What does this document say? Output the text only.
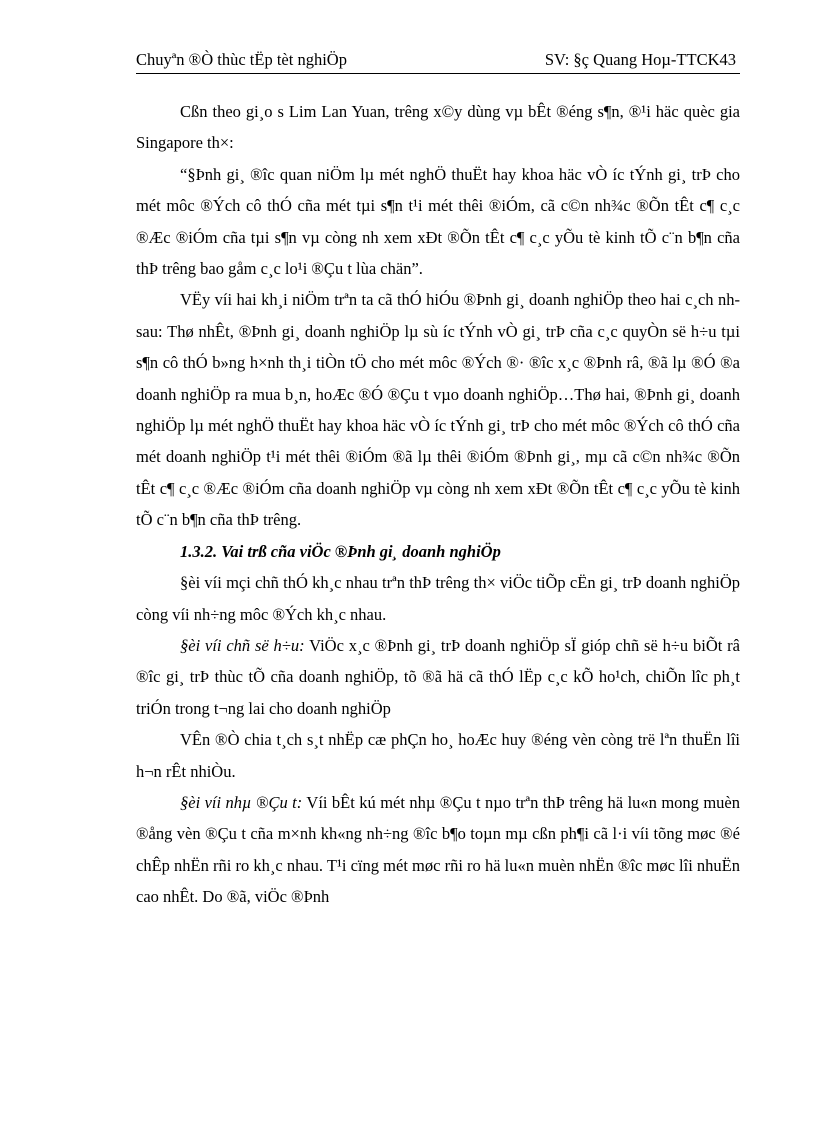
Chuyªn ®Ò thùc tËp tèt nghiÖp	SV: §ç Quang Hoµ-TTCK43

Cßn theo gi¸o s Lim Lan Yuan, trêng x©y dùng vµ bÊt ®éng s¶n, ®¹i häc quèc gia Singapore th×:

“§Þnh gi¸ ®îc quan niÖm lµ mét nghÖ thuËt hay khoa häc vÒ íc tÝnh gi¸ trÞ cho mét môc ®Ých cô thÓ cña mét tµi s¶n t¹i mét thêi ®iÓm, cã c©n nh¾c ®Õn tÊt c¶ c¸c ®Æc ®iÓm cña tµi s¶n vµ còng nh xem xÐt ®Õn tÊt c¶ c¸c yÕu tè kinh tÕ c¨n b¶n cña thÞ trêng bao gåm c¸c lo¹i ®Çu t lùa chän”.

VËy víi hai kh¸i niÖm trªn ta cã thÓ hiÓu ®Þnh gi¸ doanh nghiÖp theo hai c¸ch nh sau: Thø nhÊt, ®Þnh gi¸ doanh nghiÖp lµ sù íc tÝnh vÒ gi¸ trÞ cña c¸c quyÒn së h÷u tµi s¶n cô thÓ b»ng h×nh th¸i tiÒn tÖ cho mét môc ®Ých ®· ®îc x¸c ®Þnh râ, ®ã lµ ®Ó ®a doanh nghiÖp ra mua b¸n, hoÆc ®Ó ®Çu t vµo doanh nghiÖp…Thø hai, ®Þnh gi¸ doanh nghiÖp lµ mét nghÖ thuËt hay khoa häc vÒ íc tÝnh gi¸ trÞ cho mét môc ®Ých cô thÓ cña mét doanh nghiÖp t¹i mét thêi ®iÓm ®ã lµ thêi ®iÓm ®Þnh gi¸, mµ cã c©n nh¾c ®Õn tÊt c¶ c¸c ®Æc ®iÓm cña doanh nghiÖp vµ còng nh xem xÐt ®Õn tÊt c¶ c¸c yÕu tè kinh tÕ c¨n b¶n cña thÞ trêng.

1.3.2. Vai trß cña viÖc ®Þnh gi¸ doanh nghiÖp

§èi víi mçi chñ thÓ kh¸c nhau trªn thÞ trêng th× viÖc tiÕp cËn gi¸ trÞ doanh nghiÖp còng víi nh÷ng môc ®Ých kh¸c nhau.

§èi víi chñ së h÷u: ViÖc x¸c ®Þnh gi¸ trÞ doanh nghiÖp sÏ gióp chñ së h÷u biÕt râ ®îc gi¸ trÞ thùc tÕ cña doanh nghiÖp, tõ ®ã hä cã thÓ lËp c¸c kÕ ho¹ch, chiÕn lîc ph¸t triÓn trong t¬ng lai cho doanh nghiÖp

VÊn ®Ò chia t¸ch s¸t nhËp cæ phÇn ho¸ hoÆc huy ®éng vèn còng trë lªn thuËn lîi h¬n rÊt nhiÒu.

§èi víi nhµ ®Çu t: Víi bÊt kú mét nhµ ®Çu t nµo trªn thÞ trêng hä lu«n mong muèn ®ång vèn ®Çu t cña m×nh kh«ng nh÷ng ®îc b¶o toµn mµ cßn ph¶i cã l·i víi tõng møc ®é chÊp nhËn rñi ro kh¸c nhau. T¹i cïng mét møc rñi ro hä lu«n muèn nhËn ®îc møc lîi nhuËn cao nhÊt. Do ®ã, viÖc ®Þnh
